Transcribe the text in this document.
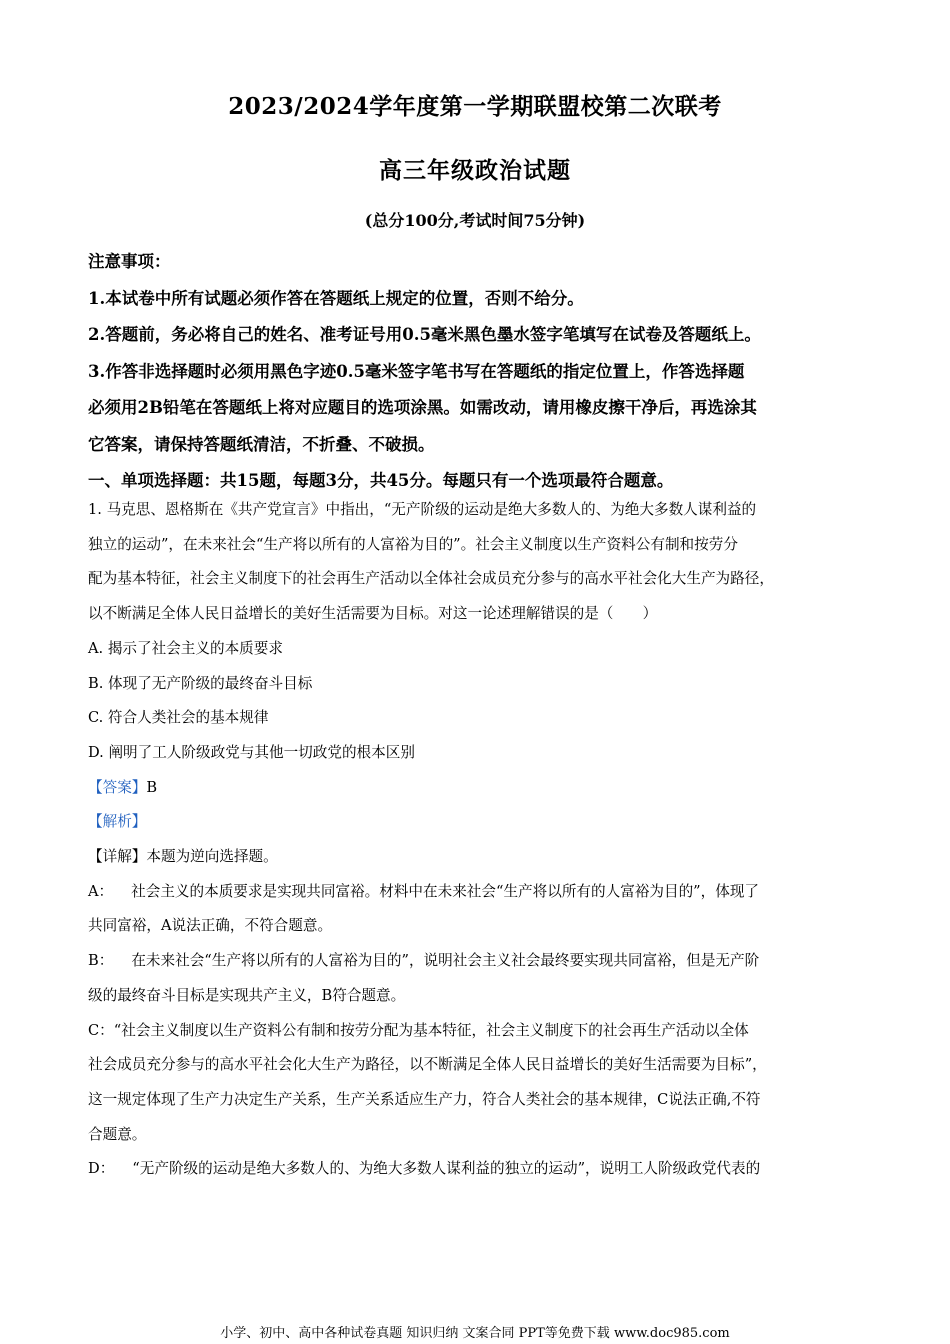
2023/2024学年度第一学期联盟校第二次联考
高三年级政治试题
(总分100分,考试时间75分钟)
注意事项：
1.本试卷中所有试题必须作答在答题纸上规定的位置，否则不给分。
2.答题前，务必将自己的姓名、准考证号用0.5毫米黑色墨水签字笔填写在试卷及答题纸上。
3.作答非选择题时必须用黑色字迹0.5毫米签字笔书写在答题纸的指定位置上，作答选择题
必须用2B铅笔在答题纸上将对应题目的选项涂黑。如需改动，请用橡皮擦干净后，再选涂其
它答案，请保持答题纸清洁，不折叠、不破损。
一、单项选择题：共15题，每题3分，共45分。每题只有一个选项最符合题意。
1. 马克思、恩格斯在《共产党宣言》中指出，“无产阶级的运动是绝大多数人的、为绝大多数人谋利益的
独立的运动”，在未来社会“生产将以所有的人富裕为目的”。社会主义制度以生产资料公有制和按劳分
配为基本特征，社会主义制度下的社会再生产活动以全体社会成员充分参与的高水平社会化大生产为路径，
以不断满足全体人民日益增长的美好生活需要为目标。对这一论述理解错误的是（　　）
A. 揭示了社会主义的本质要求
B. 体现了无产阶级的最终奋斗目标
C. 符合人类社会的基本规律
D. 阐明了工人阶级政党与其他一切政党的根本区别
【答案】B
【解析】
【详解】本题为逆向选择题。
A： 社会主义的本质要求是实现共同富裕。材料中在未来社会“生产将以所有的人富裕为目的”，体现了
共同富裕，A说法正确，不符合题意。
B： 在未来社会“生产将以所有的人富裕为目的”，说明社会主义社会最终要实现共同富裕，但是无产阶
级的最终奋斗目标是实现共产主义，B符合题意。
C：“社会主义制度以生产资料公有制和按劳分配为基本特征，社会主义制度下的社会再生产活动以全体
社会成员充分参与的高水平社会化大生产为路径，以不断满足全体人民日益增长的美好生活需要为目标”，
这一规定体现了生产力决定生产关系，生产关系适应生产力，符合人类社会的基本规律，C说法正确,不符
合题意。
D： “无产阶级的运动是绝大多数人的、为绝大多数人谋利益的独立的运动”，说明工人阶级政党代表的
小学、初中、高中各种试卷真题 知识归纳 文案合同 PPT等免费下载 www.doc985.com
